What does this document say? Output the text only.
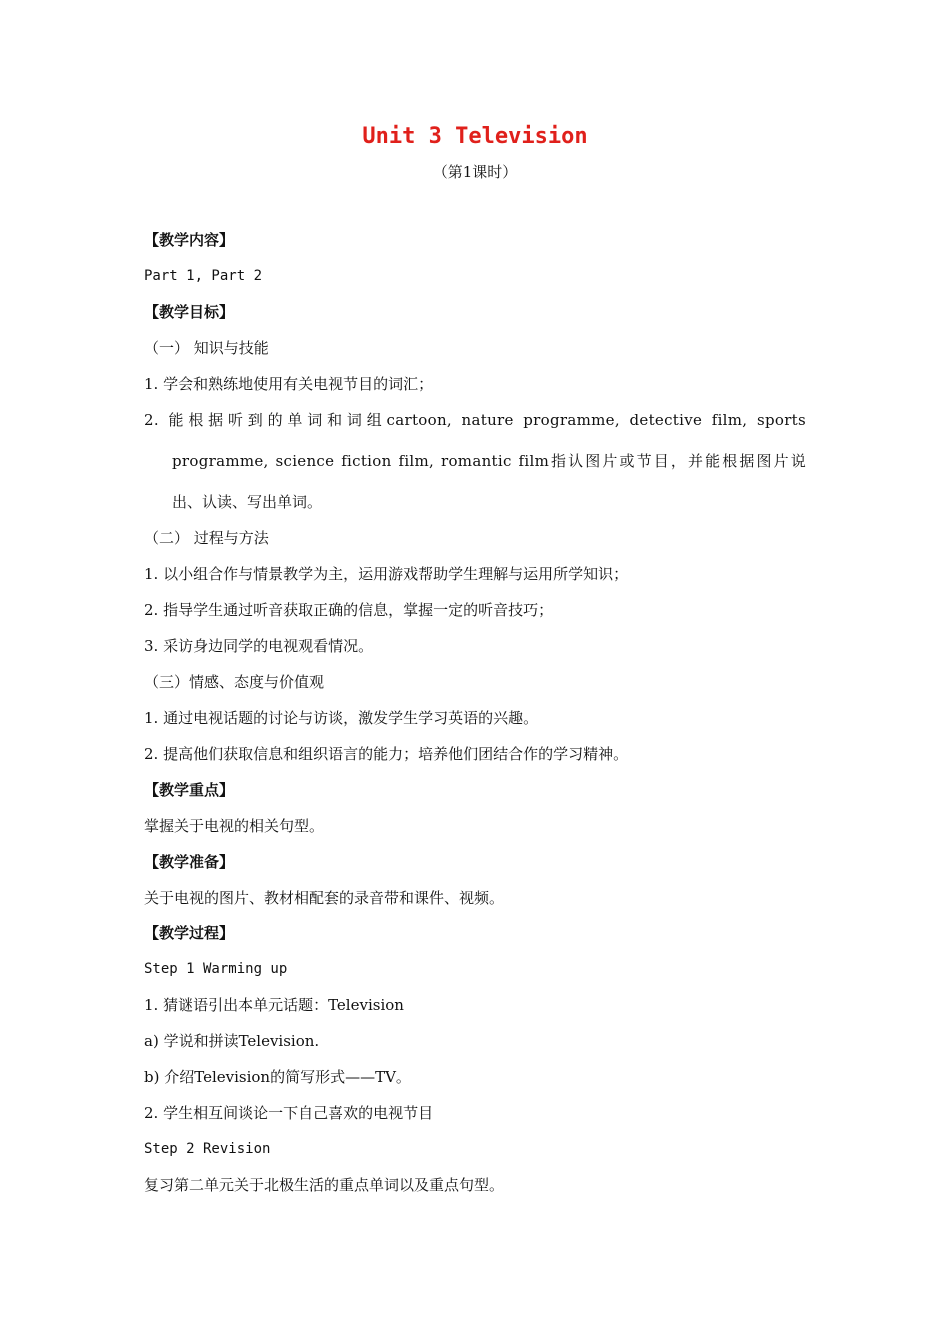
Unit 3 Television
（第1课时）
【教学内容】
Part 1, Part 2
【教学目标】
（一） 知识与技能
1. 学会和熟练地使用有关电视节目的词汇；
2. 能根据听到的单词和词组cartoon, nature programme, detective film, sports
programme, science fiction film, romantic film指认图片或节目，并能根据图片说
出、认读、写出单词。
（二） 过程与方法
1. 以小组合作与情景教学为主，运用游戏帮助学生理解与运用所学知识；
2. 指导学生通过听音获取正确的信息，掌握一定的听音技巧；
3. 采访身边同学的电视观看情况。
（三）情感、态度与价值观
1. 通过电视话题的讨论与访谈，激发学生学习英语的兴趣。
2. 提高他们获取信息和组织语言的能力；培养他们团结合作的学习精神。
【教学重点】
掌握关于电视的相关句型。
【教学准备】
关于电视的图片、教材相配套的录音带和课件、视频。
【教学过程】
Step 1 Warming up
1. 猜谜语引出本单元话题：Television
a) 学说和拼读Television.
b) 介绍Television的简写形式——TV。
2. 学生相互间谈论一下自己喜欢的电视节目
Step 2 Revision
复习第二单元关于北极生活的重点单词以及重点句型。
